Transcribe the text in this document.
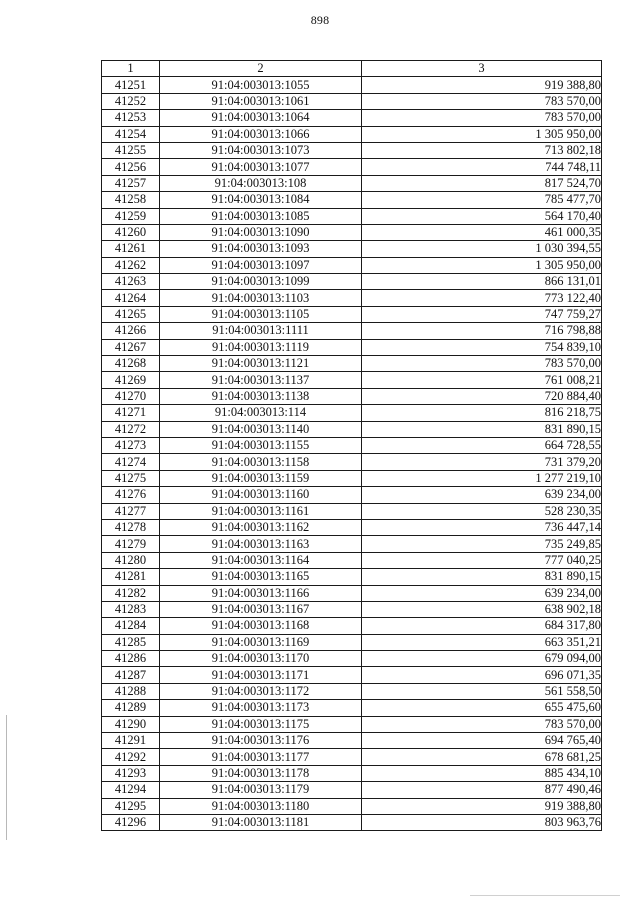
898
1	2	3
41251	91:04:003013:1055	919 388,80
41252	91:04:003013:1061	783 570,00
41253	91:04:003013:1064	783 570,00
41254	91:04:003013:1066	1 305 950,00
41255	91:04:003013:1073	713 802,18
41256	91:04:003013:1077	744 748,11
41257	91:04:003013:108	817 524,70
41258	91:04:003013:1084	785 477,70
41259	91:04:003013:1085	564 170,40
41260	91:04:003013:1090	461 000,35
41261	91:04:003013:1093	1 030 394,55
41262	91:04:003013:1097	1 305 950,00
41263	91:04:003013:1099	866 131,01
41264	91:04:003013:1103	773 122,40
41265	91:04:003013:1105	747 759,27
41266	91:04:003013:1111	716 798,88
41267	91:04:003013:1119	754 839,10
41268	91:04:003013:1121	783 570,00
41269	91:04:003013:1137	761 008,21
41270	91:04:003013:1138	720 884,40
41271	91:04:003013:114	816 218,75
41272	91:04:003013:1140	831 890,15
41273	91:04:003013:1155	664 728,55
41274	91:04:003013:1158	731 379,20
41275	91:04:003013:1159	1 277 219,10
41276	91:04:003013:1160	639 234,00
41277	91:04:003013:1161	528 230,35
41278	91:04:003013:1162	736 447,14
41279	91:04:003013:1163	735 249,85
41280	91:04:003013:1164	777 040,25
41281	91:04:003013:1165	831 890,15
41282	91:04:003013:1166	639 234,00
41283	91:04:003013:1167	638 902,18
41284	91:04:003013:1168	684 317,80
41285	91:04:003013:1169	663 351,21
41286	91:04:003013:1170	679 094,00
41287	91:04:003013:1171	696 071,35
41288	91:04:003013:1172	561 558,50
41289	91:04:003013:1173	655 475,60
41290	91:04:003013:1175	783 570,00
41291	91:04:003013:1176	694 765,40
41292	91:04:003013:1177	678 681,25
41293	91:04:003013:1178	885 434,10
41294	91:04:003013:1179	877 490,46
41295	91:04:003013:1180	919 388,80
41296	91:04:003013:1181	803 963,76
